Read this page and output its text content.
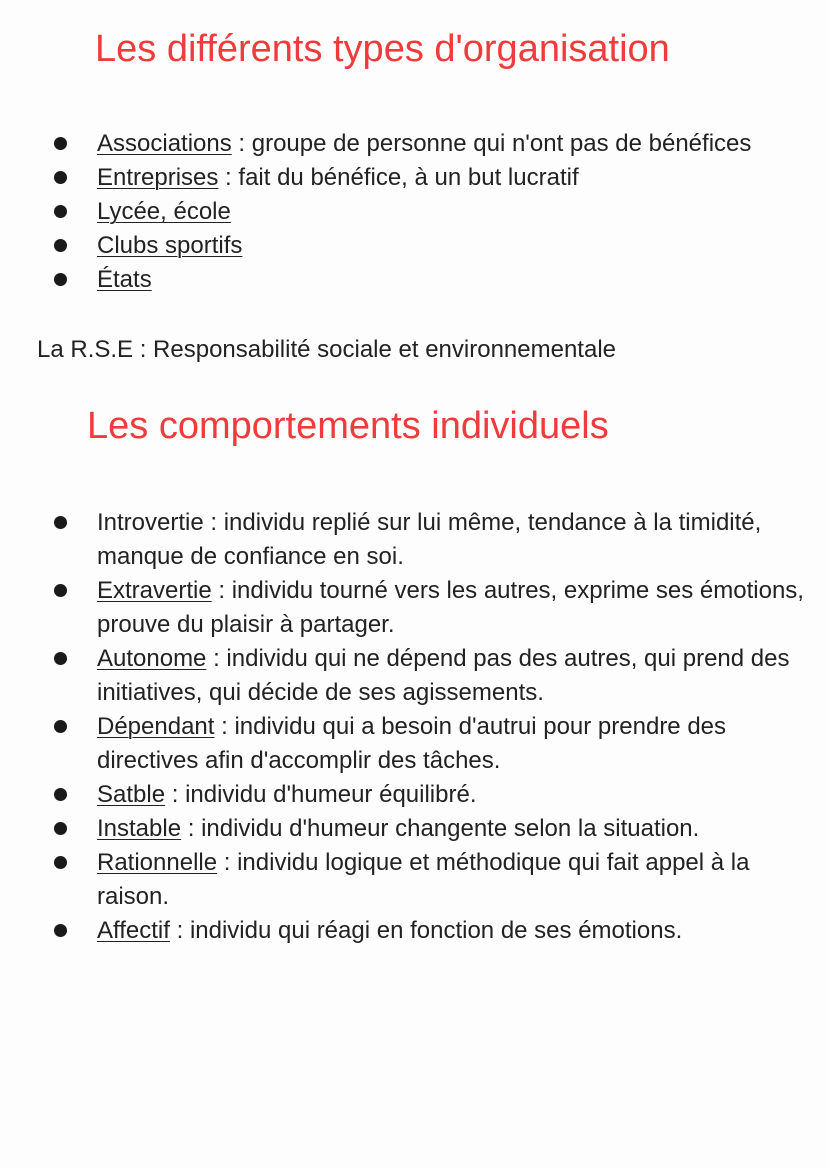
Les différents types d'organisation
Associations : groupe de personne qui n'ont pas de bénéfices
Entreprises : fait du bénéfice, à un but lucratif
Lycée, école
Clubs sportifs
États

La R.S.E : Responsabilité sociale et environnementale

Les comportements individuels
Introvertie : individu replié sur lui même, tendance à la timidité, manque de confiance en soi.
Extravertie : individu tourné vers les autres, exprime ses émotions, prouve du plaisir à partager.
Autonome : individu qui ne dépend pas des autres, qui prend des initiatives, qui décide de ses agissements.
Dépendant : individu qui a besoin d'autrui pour prendre des directives afin d'accomplir des tâches.
Satble : individu d'humeur équilibré.
Instable : individu d'humeur changente selon la situation.
Rationnelle : individu logique et méthodique qui fait appel à la raison.
Affectif : individu qui réagi en fonction de ses émotions.
